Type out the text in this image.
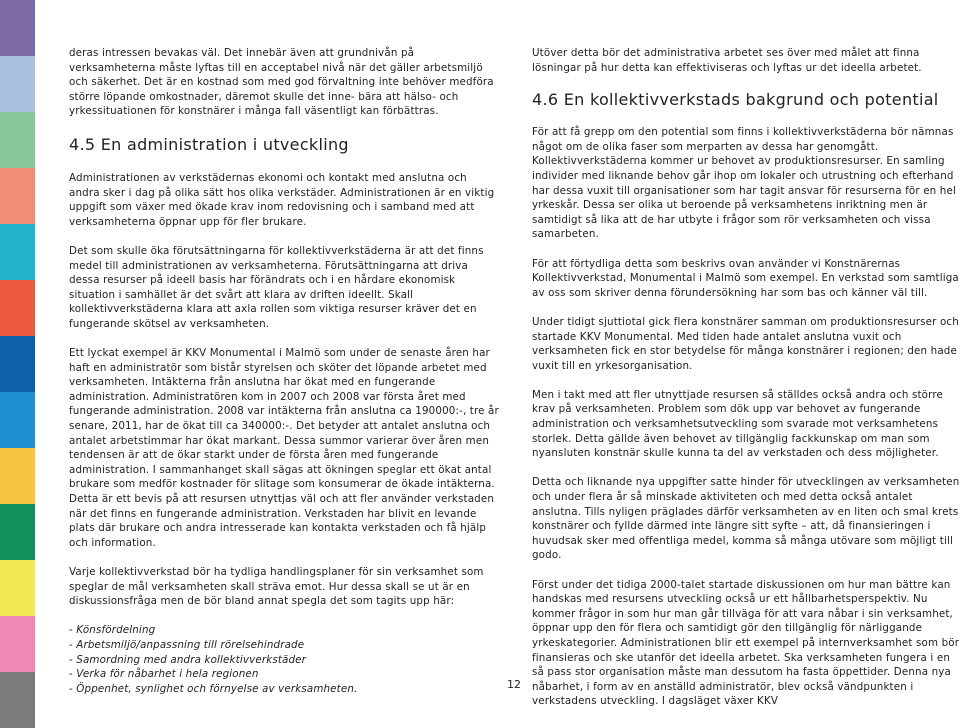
deras intressen bevakas väl. Det innebär även att grundnivån på verksamheterna måste lyftas till en acceptabel nivå när det gäller arbetsmiljö och säkerhet. Det är en kostnad som med god förvaltning inte behöver medföra större löpande omkostnader, däremot skulle det inne- bära att hälso- och yrkessituationen för konstnärer i många fall väsentligt kan förbättras.

4.5 En administration i utveckling

Administrationen av verkstädernas ekonomi och kontakt med anslutna och andra sker i dag på olika sätt hos olika verkstäder. Administrationen är en viktig uppgift som växer med ökade krav inom redovisning och i samband med att verksamheterna öppnar upp för fler brukare.

Det som skulle öka förutsättningarna för kollektivverkstäderna är att det finns medel till administrationen av verksamheterna. Förutsättningarna att driva dessa resurser på ideell basis har förändrats och i en hårdare ekonomisk situation i samhället är det svårt att klara av driften ideellt. Skall kollektivverkstäderna klara att axla rollen som viktiga resurser kräver det en fungerande skötsel av verksamheten.

Ett lyckat exempel är KKV Monumental i Malmö som under de senaste åren har haft en administratör som bistår styrelsen och sköter det löpande arbetet med verksamheten. Intäkterna från anslutna har ökat med en fungerande administration. Administratören kom in 2007 och 2008 var första året med fungerande administration. 2008 var intäkterna från anslutna ca 190000:-, tre år senare, 2011, har de ökat till ca 340000:-. Det betyder att antalet anslutna och antalet arbetstimmar har ökat markant. Dessa summor varierar över åren men tendensen är att de ökar starkt under de första åren med fungerande administration. I sammanhanget skall sägas att ökningen speglar ett ökat antal brukare som medför kostnader för slitage som konsumerar de ökade intäkterna. Detta är ett bevis på att resursen utnyttjas väl och att fler använder verkstaden när det finns en fungerande administration. Verkstaden har blivit en levande plats där brukare och andra intresserade kan kontakta verkstaden och få hjälp och information.

Varje kollektivverkstad bör ha tydliga handlingsplaner för sin verksamhet som speglar de mål verksamheten skall sträva emot. Hur dessa skall se ut är en diskussionsfråga men de bör bland annat spegla det som tagits upp här:

- Könsfördelning
- Arbetsmiljö/anpassning till rörelsehindrade
- Samordning med andra kollektivverkstäder
- Verka för nåbarhet i hela regionen
- Öppenhet, synlighet och förnyelse av verksamheten.

Utöver detta bör det administrativa arbetet ses över med målet att finna lösningar på hur detta kan effektiviseras och lyftas ur det ideella arbetet.

4.6 En kollektivverkstads bakgrund och potential

För att få grepp om den potential som finns i kollektivverkstäderna bör nämnas något om de olika faser som merparten av dessa har genomgått. Kollektivverkstäderna kommer ur behovet av produktionsresurser. En samling individer med liknande behov går ihop om lokaler och utrustning och efterhand har dessa vuxit till organisationer som har tagit ansvar för resurserna för en hel yrkeskår. Dessa ser olika ut beroende på verksamhetens inriktning men är samtidigt så lika att de har utbyte i frågor som rör verksamheten och vissa samarbeten.

För att förtydliga detta som beskrivs ovan använder vi Konstnärernas Kollektivverkstad, Monumental i Malmö som exempel. En verkstad som samtliga av oss som skriver denna förundersökning har som bas och känner väl till.

Under tidigt sjuttiotal gick flera konstnärer samman om produktionsresurser och startade KKV Monumental. Med tiden hade antalet anslutna vuxit och verksamheten fick en stor betydelse för många konstnärer i regionen; den hade vuxit till en yrkesorganisation.

Men i takt med att fler utnyttjade resursen så ställdes också andra och större krav på verksamheten. Problem som dök upp var behovet av fungerande administration och verksamhetsutveckling som svarade mot verksamhetens storlek. Detta gällde även behovet av tillgänglig fackkunskap om man som nyansluten konstnär skulle kunna ta del av verkstaden och dess möjligheter.

Detta och liknande nya uppgifter satte hinder för utvecklingen av verksamheten och under flera år så minskade aktiviteten och med detta också antalet anslutna. Tills nyligen präglades därför verksamheten av en liten och smal krets konstnärer och fyllde därmed inte längre sitt syfte – att, då finansieringen i huvudsak sker med offentliga medel, komma så många utövare som möjligt till godo.

Först under det tidiga 2000-talet startade diskussionen om hur man bättre kan handskas med resursens utveckling också ur ett hållbarhetsperspektiv. Nu kommer frågor in som hur man går tillväga för att vara nåbar i sin verksamhet, öppnar upp den för flera och samtidigt gör den tillgänglig för närliggande yrkeskategorier. Administrationen blir ett exempel på internverksamhet som bör finansieras och ske utanför det ideella arbetet. Ska verksamheten fungera i en så pass stor organisation måste man dessutom ha fasta öppettider. Denna nya nåbarhet, i form av en anställd administratör, blev också vändpunkten i verkstadens utveckling. I dagsläget växer KKV

12
